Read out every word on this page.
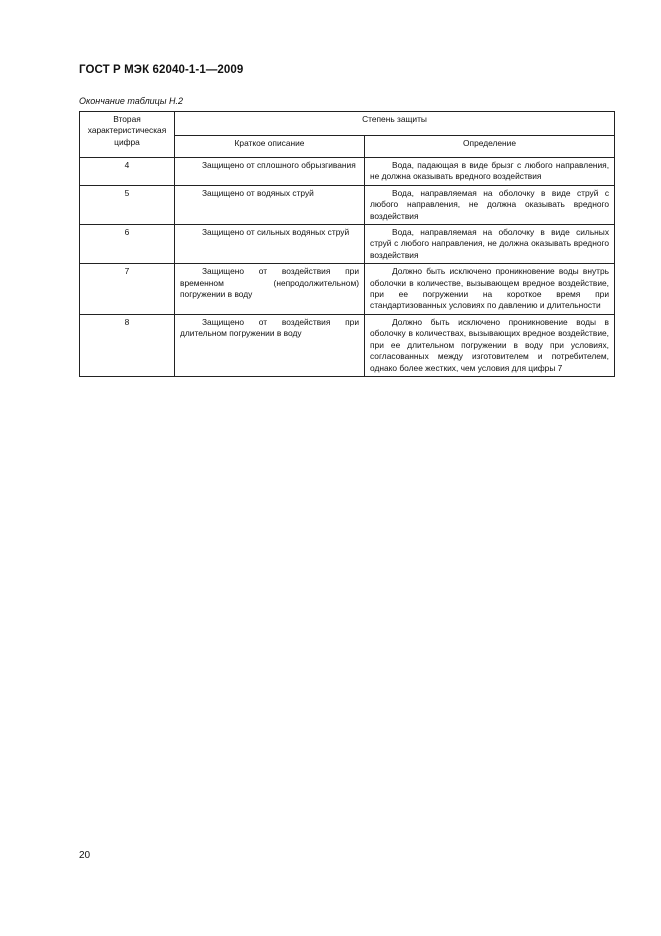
ГОСТ Р МЭК 62040-1-1—2009
Окончание таблицы Н.2
Вторая характеристическая цифра	Степень защиты	
	Краткое описание	Определение
4	Защищено от сплошного обрызгивания	Вода, падающая в виде брызг с любого направления, не должна оказывать вредного воздействия

5	Защищено от водяных струй	Вода, направляемая на оболочку в виде струй с любого направления, не должна оказывать вредного воздействия

6	Защищено от сильных водяных струй	Вода, направляемая на оболочку в виде сильных струй с любого направления, не должна оказывать вредного воздействия

7	Защищено от воздействия при временном (непродолжительном) погружении в воду	Должно быть исключено проникновение воды внутрь оболочки в количестве, вызывающем вредное воздействие, при ее погружении на короткое время при стандартизованных условиях по давлению и длительности

8	Защищено от воздействия при длительном погружении в воду	Должно быть исключено проникновение воды в оболочку в количествах, вызывающих вредное воздействие, при ее длительном погружении в воду при условиях, согласованных между изготовителем и потребителем, однако более жестких, чем условия для цифры 7
20
